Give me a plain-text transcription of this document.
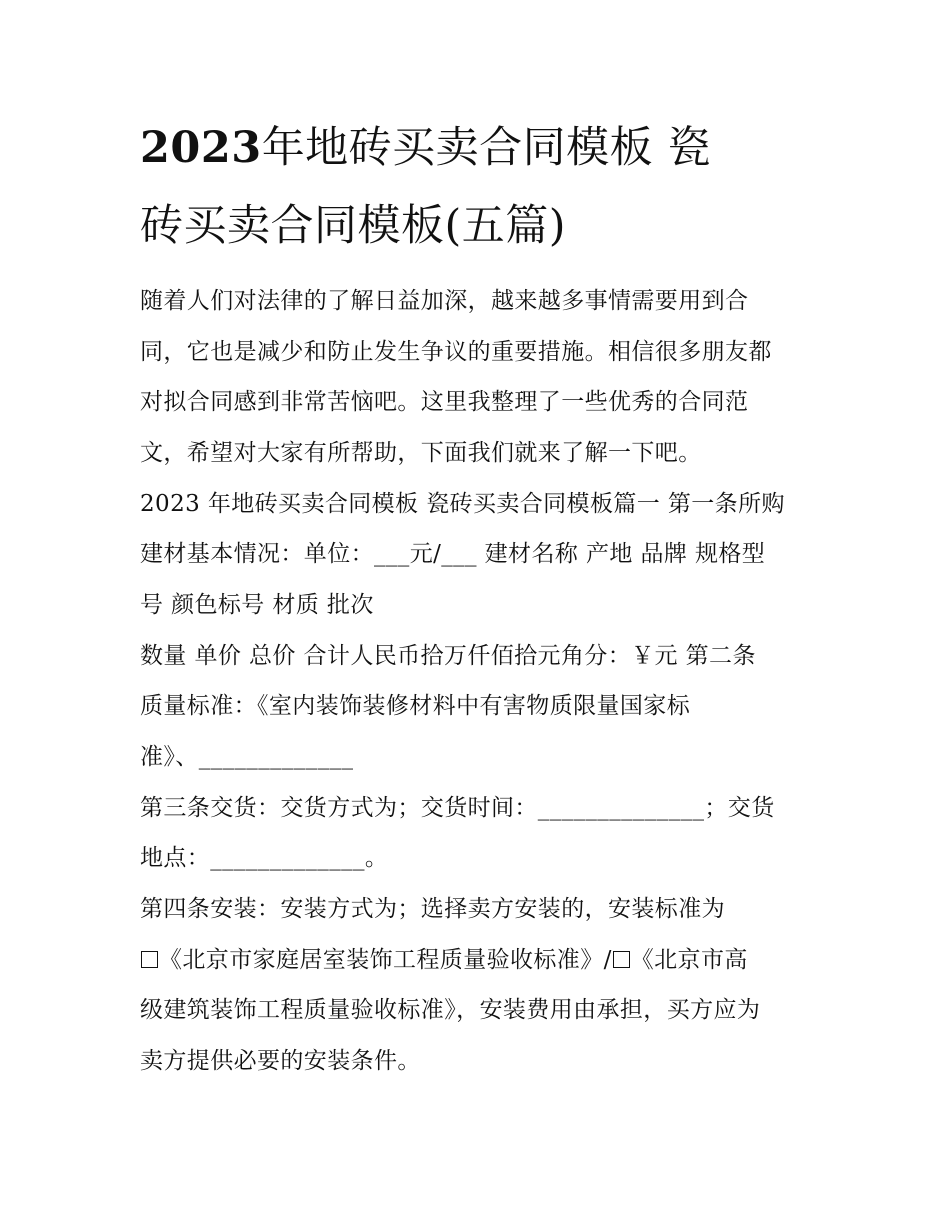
2023年地砖买卖合同模板 瓷
砖买卖合同模板(五篇)
随着人们对法律的了解日益加深，越来越多事情需要用到合
同，它也是减少和防止发生争议的重要措施。相信很多朋友都
对拟合同感到非常苦恼吧。这里我整理了一些优秀的合同范
文，希望对大家有所帮助，下面我们就来了解一下吧。
2023 年地砖买卖合同模板 瓷砖买卖合同模板篇一 第一条所购
建材基本情况：单位：___元/___ 建材名称 产地 品牌 规格型
号 颜色标号 材质 批次
数量 单价 总价 合计人民币拾万仟佰拾元角分：￥元 第二条
质量标准：《室内装饰装修材料中有害物质限量国家标
准》、_____________
第三条交货：交货方式为；交货时间：______________；交货
地点：_____________。
第四条安装：安装方式为；选择卖方安装的，安装标准为
《北京市家庭居室装饰工程质量验收标准》/ 《北京市高
级建筑装饰工程质量验收标准》，安装费用由承担，买方应为
卖方提供必要的安装条件。
